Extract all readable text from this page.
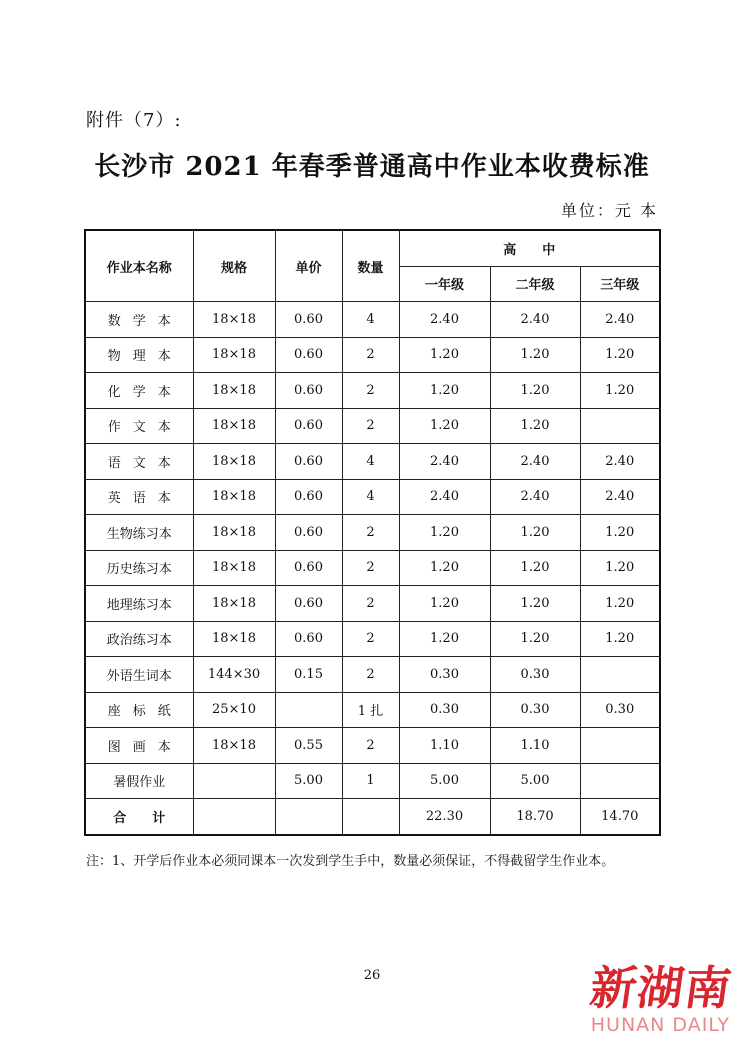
附件（7）:
长沙市 2021 年春季普通高中作业本收费标准
单位：元 本
作业本名称	规格	单价	数量	高　　中		
				一年级	二年级	三年级
数学本	18×18	0.60	4	2.40	2.40	2.40
物理本	18×18	0.60	2	1.20	1.20	1.20
化学本	18×18	0.60	2	1.20	1.20	1.20
作文本	18×18	0.60	2	1.20	1.20	
语文本	18×18	0.60	4	2.40	2.40	2.40
英语本	18×18	0.60	4	2.40	2.40	2.40
生物练习本	18×18	0.60	2	1.20	1.20	1.20
历史练习本	18×18	0.60	2	1.20	1.20	1.20
地理练习本	18×18	0.60	2	1.20	1.20	1.20
政治练习本	18×18	0.60	2	1.20	1.20	1.20
外语生词本	144×30	0.15	2	0.30	0.30	
座标纸	25×10		1 扎	0.30	0.30	0.30
图画本	18×18	0.55	2	1.10	1.10	
暑假作业		5.00	1	5.00	5.00	
合　　计				22.30	18.70	14.70
注：1、开学后作业本必须同课本一次发到学生手中，数量必须保证，不得截留学生作业本。
26	新湖南
HUNAN DAILY
